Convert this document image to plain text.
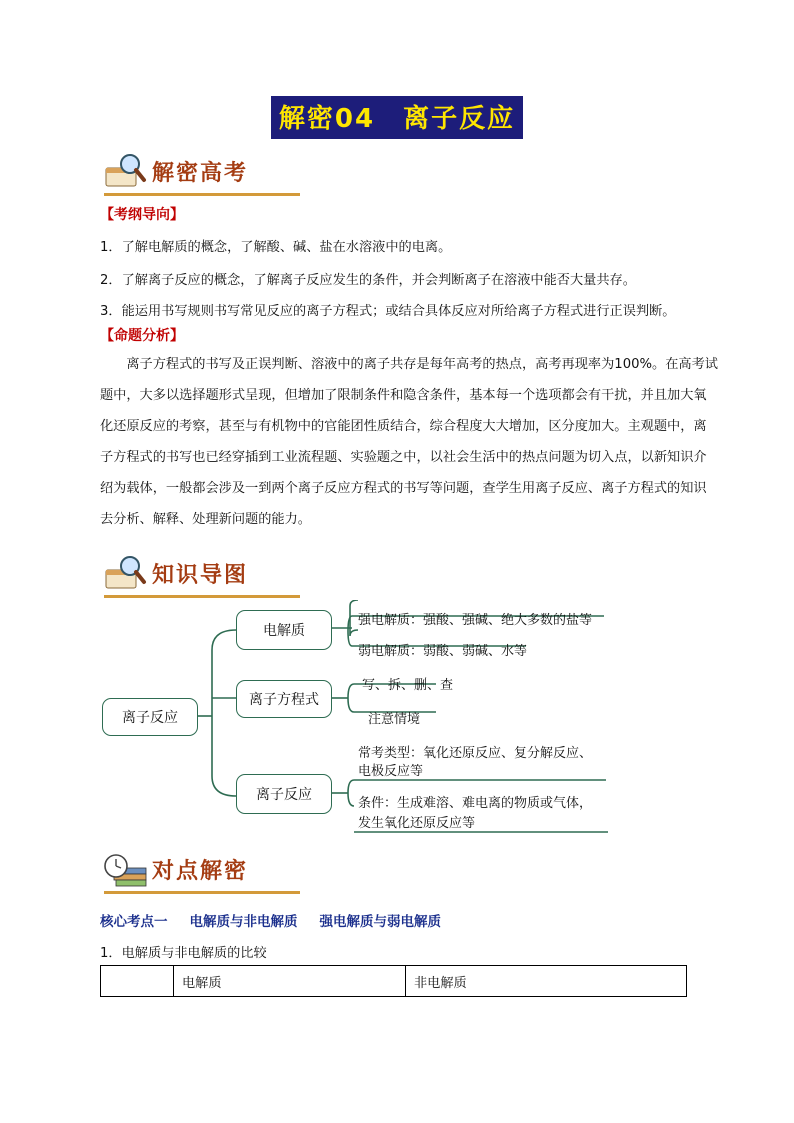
解密04　离子反应
解密高考
【考纲导向】
1．了解电解质的概念，了解酸、碱、盐在水溶液中的电离。
2．了解离子反应的概念，了解离子反应发生的条件，并会判断离子在溶液中能否大量共存。
3．能运用书写规则书写常见反应的离子方程式；或结合具体反应对所给离子方程式进行正误判断。
【命题分析】

　　离子方程式的书写及正误判断、溶液中的离子共存是每年高考的热点，高考再现率为100%。在高考试

题中，大多以选择题形式呈现，但增加了限制条件和隐含条件，基本每一个选项都会有干扰，并且加大氧

化还原反应的考察，甚至与有机物中的官能团性质结合，综合程度大大增加，区分度加大。主观题中，离

子方程式的书写也已经穿插到工业流程题、实验题之中，以社会生活中的热点问题为切入点，以新知识介

绍为载体，一般都会涉及一到两个离子反应方程式的书写等问题，查学生用离子反应、离子方程式的知识

去分析、解释、处理新问题的能力。

知识导图
离子反应
电解质
离子方程式
离子反应
强电解质：强酸、强碱、绝大多数的盐等
弱电解质：弱酸、弱碱、水等
写、拆、删、查
注意情境
常考类型：氧化还原反应、复分解反应、
电极反应等
条件：生成难溶、难电离的物质或气体，
发生氧化还原反应等
对点解密
核心考点一 电解质与非电解质 强电解质与弱电解质
1．电解质与非电解质的比较
	电解质	非电解质
